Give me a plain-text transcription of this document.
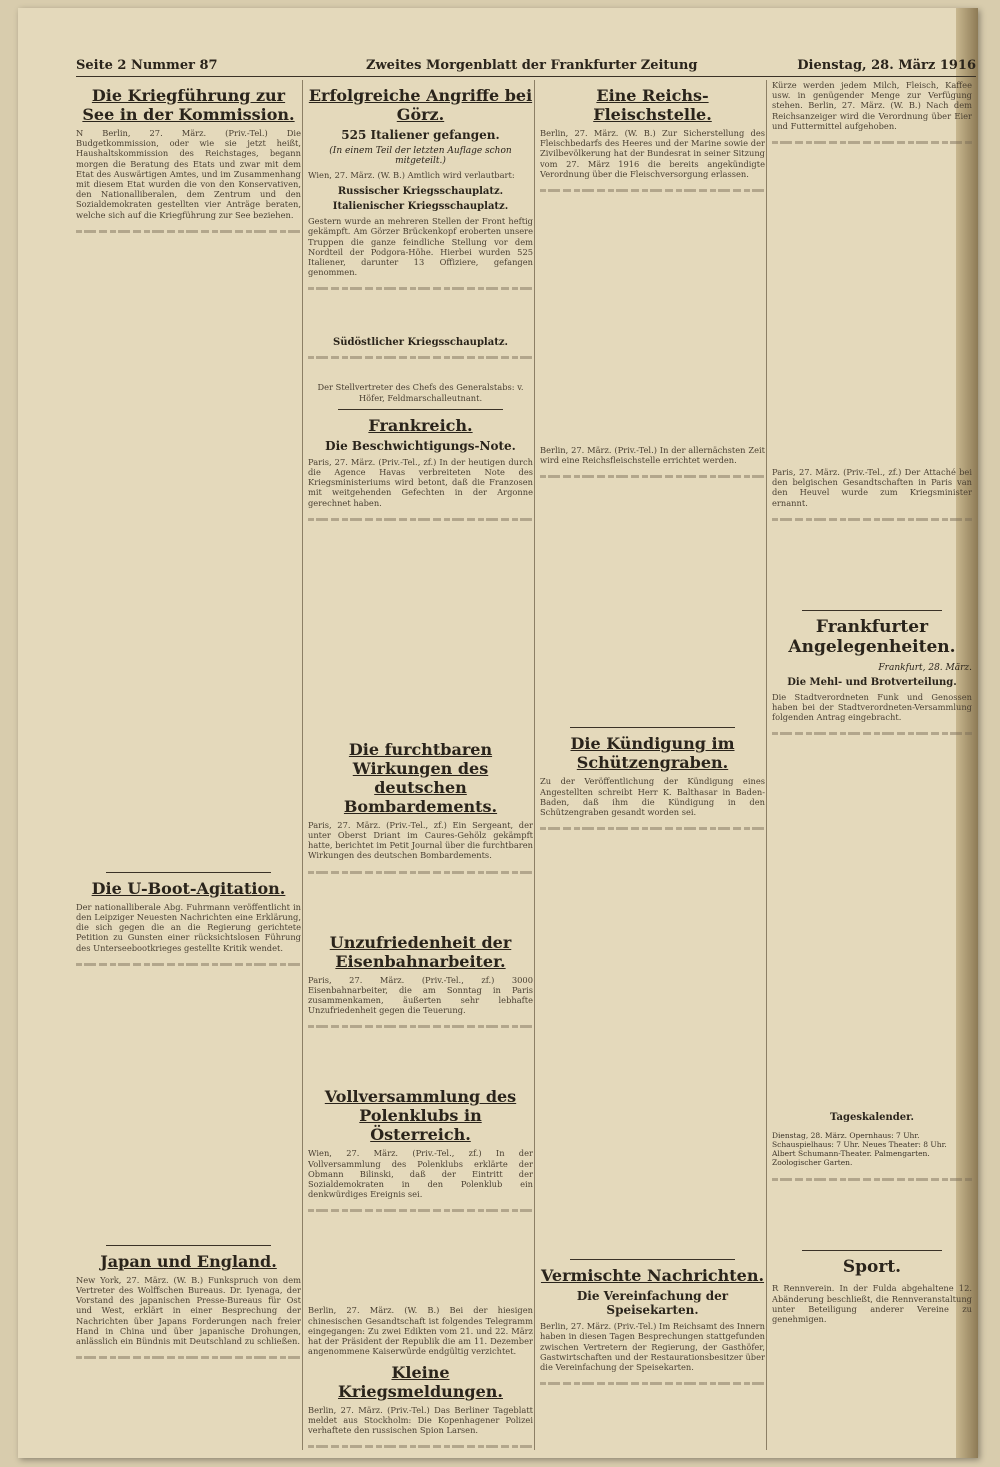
Seite 2 Nummer 87	Zweites Morgenblatt der Frankfurter Zeitung	Dienstag, 28. März 1916
Die Kriegführung zur See in der Kommission.

N Berlin, 27. März. (Priv.-Tel.) Die Budgetkommission, oder wie sie jetzt heißt, Haushaltskommission des Reichstages, begann morgen die Beratung des Etats und zwar mit dem Etat des Auswärtigen Amtes, und im Zusammenhang mit diesem Etat wurden die von den Konservativen, den Nationalliberalen, dem Zentrum und den Sozialdemokraten gestellten vier Anträge beraten, welche sich auf die Kriegführung zur See beziehen.

Die U-Boot-Agitation.

Der nationalliberale Abg. Fuhrmann veröffentlicht in den Leipziger Neuesten Nachrichten eine Erklärung, die sich gegen die an die Regierung gerichtete Petition zu Gunsten einer rücksichtslosen Führung des Unterseebootkrieges gestellte Kritik wendet.

Japan und England.

New York, 27. März. (W. B.) Funkspruch von dem Vertreter des Wolffschen Bureaus. Dr. Iyenaga, der Vorstand des japanischen Presse-Bureaus für Ost und West, erklärt in einer Besprechung der Nachrichten über Japans Forderungen nach freier Hand in China und über japanische Drohungen, anlässlich ein Bündnis mit Deutschland zu schließen.

Erfolgreiche Angriffe bei Görz.
525 Italiener gefangen.
(In einem Teil der letzten Auflage schon mitgeteilt.)

Wien, 27. März. (W. B.) Amtlich wird verlautbart:

Russischer Kriegsschauplatz.
Italienischer Kriegsschauplatz.

Gestern wurde an mehreren Stellen der Front heftig gekämpft. Am Görzer Brückenkopf eroberten unsere Truppen die ganze feindliche Stellung vor dem Nordteil der Podgora-Höhe. Hierbei wurden 525 Italiener, darunter 13 Offiziere, gefangen genommen.

Südöstlicher Kriegsschauplatz.

Der Stellvertreter des Chefs des Generalstabs: v. Höfer, Feldmarschalleutnant.

Frankreich.
Die Beschwichtigungs-Note.

Paris, 27. März. (Priv.-Tel., zf.) In der heutigen durch die Agence Havas verbreiteten Note des Kriegsministeriums wird betont, daß die Franzosen mit weitgehenden Gefechten in der Argonne gerechnet haben.

Die furchtbaren Wirkungen des deutschen Bombardements.

Paris, 27. März. (Priv.-Tel., zf.) Ein Sergeant, der unter Oberst Driant im Caures-Gehölz gekämpft hatte, berichtet im Petit Journal über die furchtbaren Wirkungen des deutschen Bombardements.

Unzufriedenheit der Eisenbahnarbeiter.

Paris, 27. März. (Priv.-Tel., zf.) 3000 Eisenbahnarbeiter, die am Sonntag in Paris zusammenkamen, äußerten sehr lebhafte Unzufriedenheit gegen die Teuerung.

Vollversammlung des Polenklubs in Österreich.

Wien, 27. März. (Priv.-Tel., zf.) In der Vollversammlung des Polenklubs erklärte der Obmann Bilinski, daß der Eintritt der Sozialdemokraten in den Polenklub ein denkwürdiges Ereignis sei.

Berlin, 27. März. (W. B.) Bei der hiesigen chinesischen Gesandtschaft ist folgendes Telegramm eingegangen: Zu zwei Edikten vom 21. und 22. März hat der Präsident der Republik die am 11. Dezember angenommene Kaiserwürde endgültig verzichtet.

Kleine Kriegsmeldungen.

Berlin, 27. März. (Priv.-Tel.) Das Berliner Tageblatt meldet aus Stockholm: Die Kopenhagener Polizei verhaftete den russischen Spion Larsen.

Eine Reichs-Fleischstelle.

Berlin, 27. März. (W. B.) Zur Sicherstellung des Fleischbedarfs des Heeres und der Marine sowie der Zivilbevölkerung hat der Bundesrat in seiner Sitzung vom 27. März 1916 die bereits angekündigte Verordnung über die Fleischversorgung erlassen.

Berlin, 27. März. (Priv.-Tel.) In der allernächsten Zeit wird eine Reichsfleischstelle errichtet werden.

Die Kündigung im Schützengraben.

Zu der Veröffentlichung der Kündigung eines Angestellten schreibt Herr K. Balthasar in Baden-Baden, daß ihm die Kündigung in den Schützengraben gesandt worden sei.

Vermischte Nachrichten.
Die Vereinfachung der Speisekarten.

Berlin, 27. März. (Priv.-Tel.) Im Reichsamt des Innern haben in diesen Tagen Besprechungen stattgefunden zwischen Vertretern der Regierung, der Gasthöfer, Gastwirtschaften und der Restaurationsbesitzer über die Vereinfachung der Speisekarten.

Kürze werden jedem Milch, Fleisch, Kaffee usw. in genügender Menge zur Verfügung stehen. Berlin, 27. März. (W. B.) Nach dem Reichsanzeiger wird die Verordnung über Eier und Futtermittel aufgehoben.

Paris, 27. März. (Priv.-Tel., zf.) Der Attaché bei den belgischen Gesandtschaften in Paris van den Heuvel wurde zum Kriegsminister ernannt.

Frankfurter Angelegenheiten.
Frankfurt, 28. März.
Die Mehl- und Brotverteilung.

Die Stadtverordneten Funk und Genossen haben bei der Stadtverordneten-Versammlung folgenden Antrag eingebracht.

Tageskalender.

Dienstag, 28. März. Opernhaus: 7 Uhr. Schauspielhaus: 7 Uhr. Neues Theater: 8 Uhr. Albert Schumann-Theater. Palmengarten. Zoologischer Garten.

Sport.

R Rennverein. In der Fulda abgehaltene 12. Abänderung beschließt, die Rennveranstaltung unter Beteiligung anderer Vereine zu genehmigen.
